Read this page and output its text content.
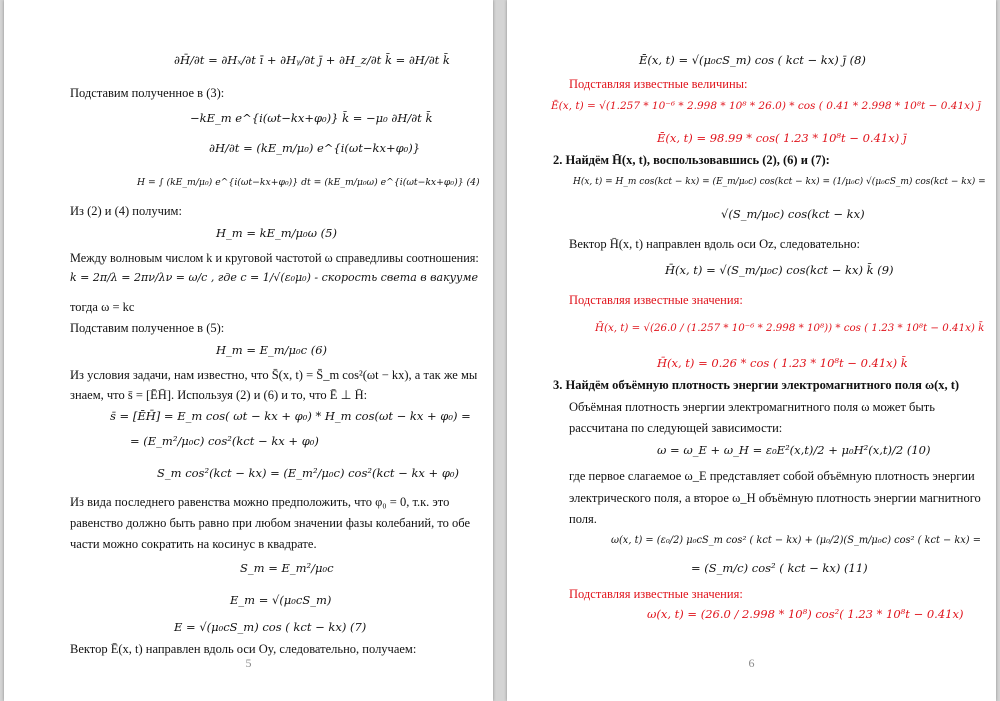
∂H̄/∂t = ∂Hₓ/∂t ī + ∂Hᵧ/∂t j̄ + ∂H_z/∂t k̄ = ∂H/∂t k̄
Подставим полученное в (3):
−kE_m e^{i(ωt−kx+φ₀)} k̄ = −μ₀ ∂H/∂t k̄
∂H/∂t = (kE_m/μ₀) e^{i(ωt−kx+φ₀)}
H = ∫ (kE_m/μ₀) e^{i(ωt−kx+φ₀)} dt = (kE_m/μ₀ω) e^{i(ωt−kx+φ₀)} (4)
Из (2) и (4) получим:
H_m = kE_m/μ₀ω (5)
Между волновым числом k и круговой частотой ω справедливы соотношения:
k = 2π/λ = 2πν/λν = ω/c , где c = 1/√(ε₀μ₀) - скорость света в вакууме
тогда ω = kc
Подставим полученное в (5):
H_m = E_m/μ₀c (6)
Из условия задачи, нам известно, что S̄(x, t) = S̄_m cos²(ωt − kx), а так же мы
знаем, что s̄ = [ĒH̄]. Используя (2) и (6) и то, что Ē ⊥ H̄:
s̄ = [ĒH̄] = E_m cos( ωt − kx + φ₀) * H_m cos(ωt − kx + φ₀) =
= (E_m²/μ₀c) cos²(kct − kx + φ₀)
S_m cos²(kct − kx) = (E_m²/μ₀c) cos²(kct − kx + φ₀)
Из вида последнего равенства можно предположить, что φ₀ = 0, т.к. это
равенство должно быть равно при любом значении фазы колебаний, то обе
части можно сократить на косинус в квадрате.
S_m = E_m²/μ₀c
E_m = √(μ₀cS_m)
E = √(μ₀cS_m) cos ( kct − kx) (7)
Вектор Ē(x, t) направлен вдоль оси Oy, следовательно, получаем:
5
Ē(x, t) = √(μ₀cS_m) cos ( kct − kx) j̄ (8)
Подставляя известные величины:
Ē(x, t) = √(1.257 * 10⁻⁶ * 2.998 * 10⁸ * 26.0) * cos ( 0.41 * 2.998 * 10⁸t − 0.41x) j̄
Ē(x, t) = 98.99 * cos( 1.23 * 10⁸t − 0.41x) j̄
2. Найдём H̄(x, t), воспользовавшись (2), (6) и (7):
H(x, t) = H_m cos(kct − kx) = (E_m/μ₀c) cos(kct − kx) = (1/μ₀c) √(μ₀cS_m) cos(kct − kx) =
√(S_m/μ₀c) cos(kct − kx)
Вектор H̄(x, t) направлен вдоль оси Oz, следовательно:
H̄(x, t) = √(S_m/μ₀c) cos(kct − kx) k̄ (9)
Подставляя известные значения:
H̄(x, t) = √(26.0 / (1.257 * 10⁻⁶ * 2.998 * 10⁸)) * cos ( 1.23 * 10⁸t − 0.41x) k̄
H̄(x, t) = 0.26 * cos ( 1.23 * 10⁸t − 0.41x) k̄
3. Найдём объёмную плотность энергии электромагнитного поля ω(x, t)
Объёмная плотность энергии электромагнитного поля ω может быть
рассчитана по следующей зависимости:
ω = ω_E + ω_H = ε₀E²(x,t)/2 + μ₀H²(x,t)/2 (10)
где первое слагаемое ω_E представляет собой объёмную плотность энергии
электрического поля, а второе ω_H объёмную плотность энергии магнитного
поля.
ω(x, t) = (ε₀/2) μ₀cS_m cos² ( kct − kx) + (μ₀/2)(S_m/μ₀c) cos² ( kct − kx) =
= (S_m/c) cos² ( kct − kx) (11)
Подставляя известные значения:
ω(x, t) = (26.0 / 2.998 * 10⁸) cos²( 1.23 * 10⁸t − 0.41x)
6
